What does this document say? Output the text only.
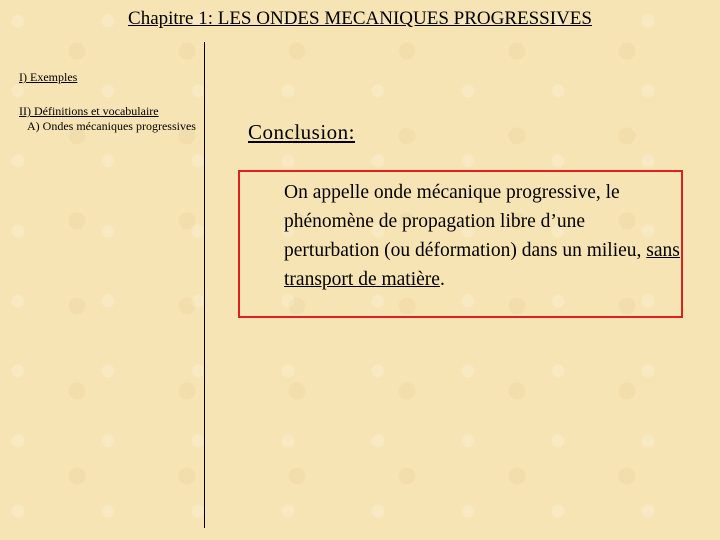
Chapitre 1: LES ONDES MECANIQUES PROGRESSIVES
I) Exemples
II) Définitions et vocabulaire
A) Ondes mécaniques progressives Conclusion:
On appelle onde mécanique progressive, le phénomène de propagation libre d’une perturbation (ou déformation) dans un milieu, sans transport de matière.
